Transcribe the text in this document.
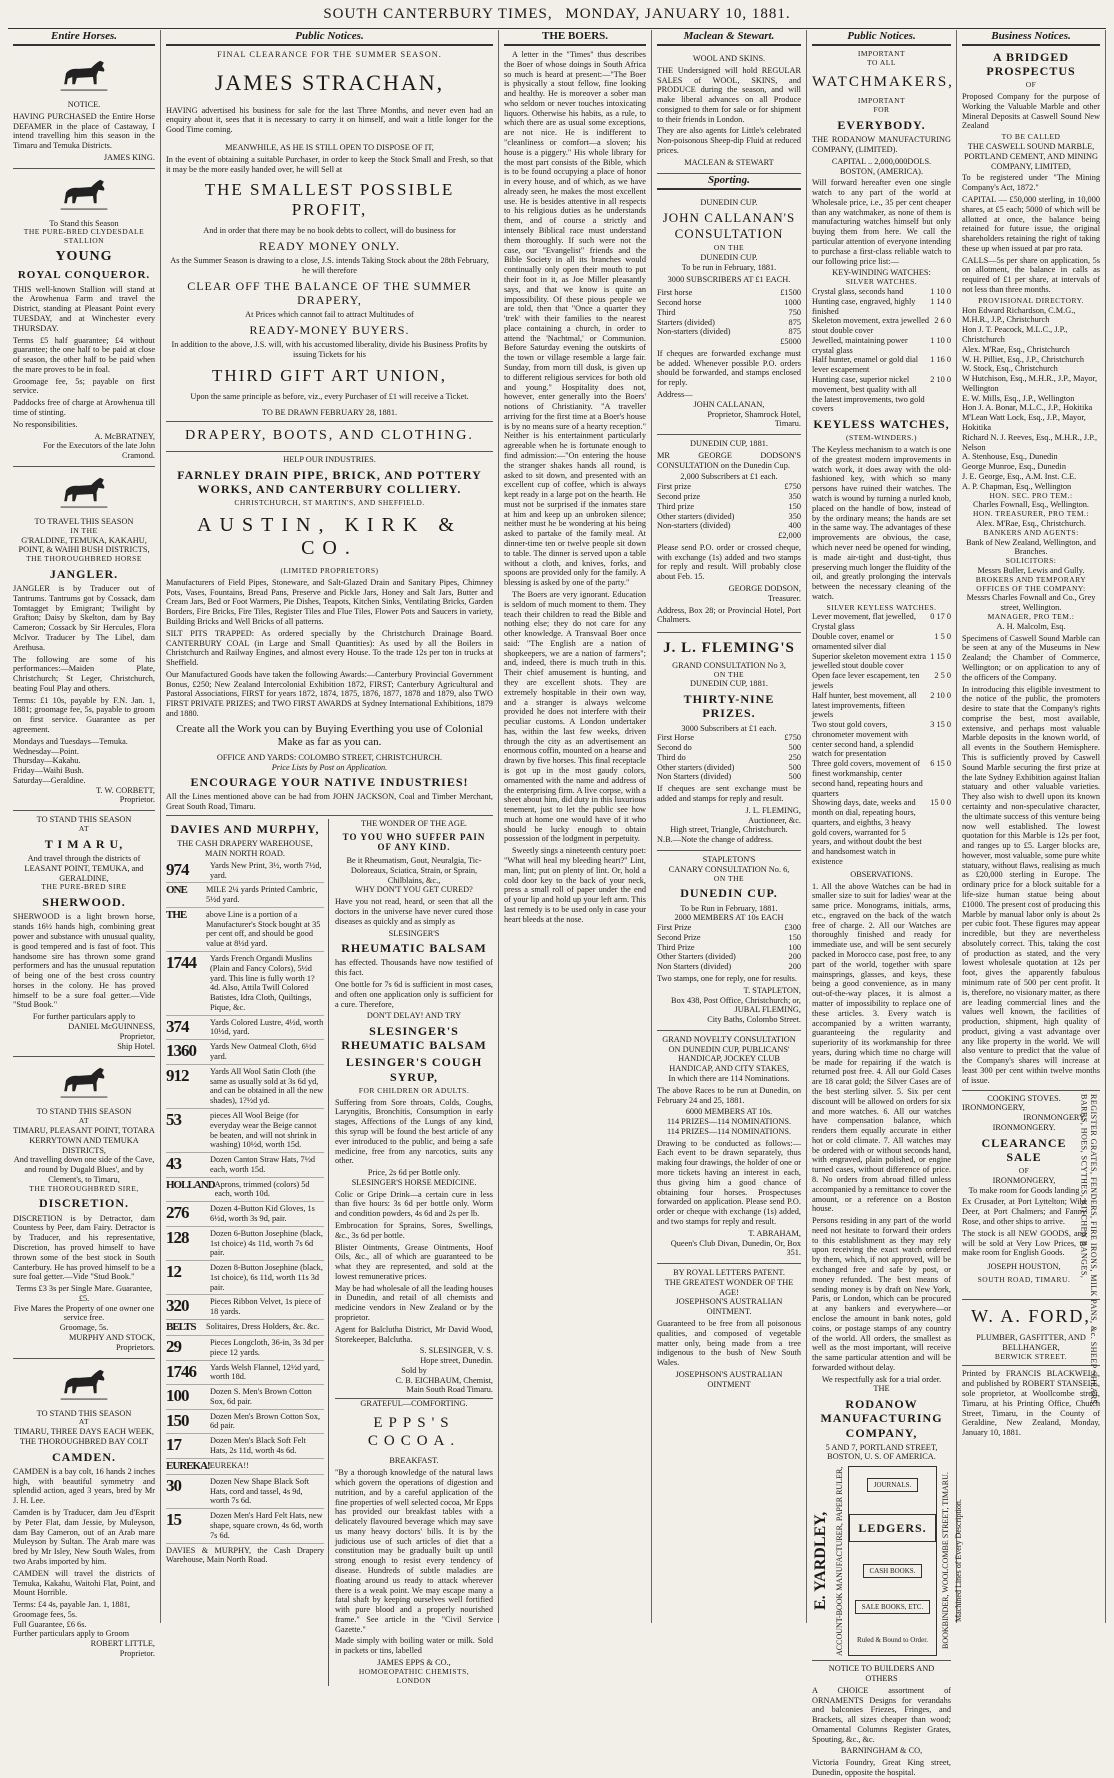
SOUTH CANTERBURY TIMES, MONDAY, JANUARY 10, 1881.
Entire Horses.
NOTICE.
HAVING PURCHASED the Entire Horse DEFAMER in the place of Castaway, I intend travelling him this season in the Timaru and Temuka Districts.
JAMES KING.
To Stand this Season
THE PURE-BRED CLYDESDALE STALLION
YOUNG
ROYAL CONQUEROR.
THIS well-known Stallion will stand at the Arowhenua Farm and travel the District, standing at Pleasant Point every TUESDAY, and at Winchester every THURSDAY.
Terms £5 half guarantee; £4 without guarantee; the one half to be paid at close of season, the other half to be paid when the mare proves to be in foal.
Groomage fee, 5s; payable on first service.
Paddocks free of charge at Arowhenua till time of stinting.
No responsibilities.
A. McBRATNEY,
For the Executors of the late John Cramond.
TO TRAVEL THIS SEASON
IN THE
G'RALDINE, TEMUKA, KAKAHU, POINT, & WAIHI BUSH DISTRICTS,
THE THOROUGHBRED HORSE
JANGLER.
JANGLER is by Traducer out of Tantrums. Tantrums got by Cossack, dam Tomtagget by Emigrant; Twilight by Grafton; Daisy by Skelton, dam by Bay Cameron; Cossack by Sir Hercules, Flora McIvor. Traducer by The Libel, dam Arethusa.
The following are some of his performances:—Maiden Plate, Christchurch; St Leger, Christchurch, beating Foul Play and others.
Terms: £1 10s, payable by F.N. Jan. 1, 1881; groomage fee, 5s, payable to groom on first service. Guarantee as per agreement.
Mondays and Tuesdays—Temuka.
Wednesday—Point.
Thursday—Kakahu.
Friday—Waihi Bush.
Saturday—Geraldine.
T. W. CORBETT,
Proprietor.
TO STAND THIS SEASON
AT
T I M A R U,
And travel through the districts of LEASANT POINT, TEMUKA, and GERALDINE,
THE PURE-BRED SIRE
SHERWOOD.
SHERWOOD is a light brown horse, stands 16½ hands high, combining great power and substance with unusual quality, is good tempered and is fast of foot. This handsome sire has thrown some grand performers and has the unusual reputation of being one of the best cross country horses in the colony. He has proved himself to be a sure foal getter.—Vide "Stud Book."
For further particulars apply to
DANIEL McGUINNESS,
Proprietor,
Ship Hotel.
TO STAND THIS SEASON
AT
TIMARU, PLEASANT POINT, TOTARA KERRYTOWN AND TEMUKA DISTRICTS,
And travelling down one side of the Cave, and round by Dugald Blues', and by Clement's, to Timaru,
THE THOROUGHBRED SIRE,
DISCRETION.
DISCRETION is by Detractor, dam Countess by Peer, dam Fairy. Detractor is by Traducer, and his representative, Discretion, has proved himself to have thrown some of the best stock in South Canterbury. He has proved himself to be a sure foal getter.—Vide "Stud Book."
Terms £3 3s per Single Mare. Guarantee, £5.
Five Mares the Property of one owner one service free.
Groomage, 5s.
MURPHY AND STOCK,
Proprietors.
TO STAND THIS SEASON
AT
TIMARU, THREE DAYS EACH WEEK, THE THOROUGHBRED BAY COLT
CAMDEN.
CAMDEN is a bay colt, 16 hands 2 inches high, with beautiful symmetry and splendid action, aged 3 years, bred by Mr J. H. Lee.
Camden is by Traducer, dam Jeu d'Esprit by Peter Flat, dam Jessie, by Muleyson, dam Bay Cameron, out of an Arab mare Muleyson by Sultan. The Arab mare was bred by Mr Isley, New South Wales, from two Arabs imported by him.
CAMDEN will travel the districts of Temuka, Kakahu, Waitohi Flat, Point, and Mount Horrible.
Terms: £4 4s, payable Jan. 1, 1881,
Groomage fees, 5s.
Full Guarantee, £6 6s.
Further particulars apply to Groom
ROBERT LITTLE,
Proprietor.
Public Notices.
FINAL CLEARANCE FOR THE SUMMER SEASON.
JAMES STRACHAN,
HAVING advertised his business for sale for the last Three Months, and never even had an enquiry about it, sees that it is necessary to carry it on himself, and wait a little longer for the Good Time coming.
MEANWHILE, AS HE IS STILL OPEN TO DISPOSE OF IT,
In the event of obtaining a suitable Purchaser, in order to keep the Stock Small and Fresh, so that it may be the more easily handed over, he will Sell at
THE SMALLEST POSSIBLE PROFIT,
And in order that there may be no book debts to collect, will do business for
READY MONEY ONLY.
As the Summer Season is drawing to a close, J.S. intends Taking Stock about the 28th February, he will therefore
CLEAR OFF THE BALANCE OF THE SUMMER DRAPERY,
At Prices which cannot fail to attract Multitudes of
READY-MONEY BUYERS.
In addition to the above, J.S. will, with his accustomed liberality, divide his Business Profits by issuing Tickets for his
THIRD GIFT ART UNION,
Upon the same principle as before, viz., every Purchaser of £1 will receive a Ticket.
TO BE DRAWN FEBRUARY 28, 1881.
DRAPERY, BOOTS, AND CLOTHING.
HELP OUR INDUSTRIES.
FARNLEY DRAIN PIPE, BRICK, AND POTTERY WORKS, AND CANTERBURY COLLIERY.
CHRISTCHURCH, ST MARTIN'S, AND SHEFFIELD.
AUSTIN, KIRK & CO.
(LIMITED PROPRIETORS)
Manufacturers of Field Pipes, Stoneware, and Salt-Glazed Drain and Sanitary Pipes, Chimney Pots, Vases, Fountains, Bread Pans, Preserve and Pickle Jars, Honey and Salt Jars, Butter and Cream Jars, Bed or Foot Warmers, Pie Dishes, Teapots, Kitchen Sinks, Ventilating Bricks, Garden Borders, Fire Bricks, Fire Tiles, Register Tiles and Flue Tiles, Flower Pots and Saucers in variety, Building Bricks and Well Bricks of all patterns.
SILT PITS TRAPPED: As ordered specially by the Christchurch Drainage Board. CANTERBURY COAL (in Large and Small Quantities): As used by all the Boilers in Christchurch and Railway Engines, and almost every House. To the trade 12s per ton in trucks at Sheffield.
Our Manufactured Goods have taken the following Awards:—Canterbury Provincial Government Bonus, £250; New Zealand Intercolonial Exhibition 1872, FIRST; Canterbury Agricultural and Pastoral Associations, FIRST for years 1872, 1874, 1875, 1876, 1877, 1878 and 1879, also TWO FIRST PRIVATE PRIZES; and TWO FIRST AWARDS at Sydney International Exhibitions, 1879 and 1880.
Create all the Work you can by Buying Everthing you use of Colonial Make as far as you can.
OFFICE AND YARDS: COLOMBO STREET, CHRISTCHURCH.
Price Lists by Post on Application.
ENCOURAGE YOUR NATIVE INDUSTRIES!
All the Lines mentioned above can be had from JOHN JACKSON, Coal and Timber Merchant, Great South Road, Timaru.
DAVIES AND MURPHY,
THE CASH DRAPERY WAREHOUSE,
MAIN NORTH ROAD.
974	Yards New Print, 3½, worth 7½d, yard.
ONE	MILE 2¼ yards Printed Cambric, 5½d yard.
THE	above Line is a portion of a Manufacturer's Stock bought at 35 per cent off, and should be good value at 8½d yard.
1744	Yards French Organdi Muslins (Plain and Fancy Colors), 5½d yard. This line is fully worth 1?4d. Also, Attila Twill Colored Batistes, Idra Cloth, Quiltings, Pique, &c.
374	Yards Colored Lustre, 4½d, worth 10½d, yard.
1360	Yards New Oatmeal Cloth, 6½d yard.
912	Yards All Wool Satin Cloth (the same as usually sold at 3s 6d yd, and can be obtained in all the new shades), 1?½d yd.
53	pieces All Wool Beige (for everyday wear the Beige cannot be beaten, and will not shrink in washing) 10½d, worth 15d.
43	Dozen Canton Straw Hats, 7½d each, worth 15d.
HOLLAND Aprons, trimmed (colors) 5d each, worth 10d.
276	Dozen 4-Button Kid Gloves, 1s 6½d, worth 3s 9d, pair.
128	Dozen 6-Button Josephine (black, 1st choice) 4s 11d, worth 7s 6d pair.
12	Dozen 8-Button Josephine (black, 1st choice), 6s 11d, worth 11s 3d pair.
320	Pieces Ribbon Velvet, 1s piece of 18 yards.
BELTS	Solitaires, Dress Holders, &c. &c.
29	Pieces Longcloth, 36-in, 3s 3d per piece 12 yards.
1746	Yards Welsh Flannel, 12½d yard, worth 18d.
100	Dozen S. Men's Brown Cotton Sox, 6d pair.
150	Dozen Men's Brown Cotton Sox, 6d pair.
17	Dozen Men's Black Soft Felt Hats, 2s 11d, worth 4s 6d.
EUREKA! EUREKA!!
30	Dozen New Shape Black Soft Hats, cord and tassel, 4s 9d, worth 7s 6d.
15	Dozen Men's Hard Felt Hats, new shape, square crown, 4s 6d, worth 7s 6d.
DAVIES & MURPHY, the Cash Drapery Warehouse, Main North Road.
THE WONDER OF THE AGE.
TO YOU WHO SUFFER PAIN OF ANY KIND.
Be it Rheumatism, Gout, Neuralgia, Tic-Doloreaux, Sciatica, Strain, or Sprain, Chilblains, &c.,
WHY DON'T YOU GET CURED?
Have you not read, heard, or seen that all the doctors in the universe have never cured those diseases as quickly and as simply as
SLESINGER'S
RHEUMATIC BALSAM
has effected. Thousands have now testified of this fact.
One bottle for 7s 6d is sufficient in most cases, and often one application only is sufficient for a cure. Therefore,
DON'T DELAY! AND TRY
SLESINGER'S RHEUMATIC BALSAM
LESINGER'S COUGH SYRUP,
FOR CHILDREN OR ADULTS.
Suffering from Sore throats, Colds, Coughs, Laryngitis, Bronchitis, Consumption in early stages, Affections of the Lungs of any kind, this syrup will be found the best article of any ever introduced to the public, and being a safe medicine, free from any narcotics, suits any other.
Price, 2s 6d per Bottle only.
SLESINGER'S HORSE MEDICINE.
Colic or Gripe Drink—a certain cure in less than five hours: 3s 6d per bottle only. Worm and condition powders, 4s 6d and 2s per lb.
Embrocation for Sprains, Sores, Swellings, &c., 3s 6d per bottle.
Blister Ointments, Grease Ointments, Hoof Oils, &c., all of which are guaranteed to be what they are represented, and sold at the lowest remunerative prices.
May be had wholesale of all the leading houses in Dunedin, and retail of all chemists and medicine vendors in New Zealand or by the proprietor.
Agent for Balclutha District, Mr David Wood, Storekeeper, Balclutha.
S. SLESINGER, V. S.
Hope street, Dunedin.
Sold by
C. B. EICHBAUM, Chemist,
Main South Road Timaru.
GRATEFUL—COMFORTING.
EPPS'S COCOA.
BREAKFAST.
"By a thorough knowledge of the natural laws which govern the operations of digestion and nutrition, and by a careful application of the fine properties of well selected cocoa, Mr Epps has provided our breakfast tables with a delicately flavoured beverage which may save us many heavy doctors' bills. It is by the judicious use of such articles of diet that a constitution may be gradually built up until strong enough to resist every tendency of disease. Hundreds of subtle maladies are floating around us ready to attack wherever there is a weak point. We may escape many a fatal shaft by keeping ourselves well fortified with pure blood and a properly nourished frame." See article in the "Civil Service Gazette."
Made simply with boiling water or milk. Sold in packets or tins, labelled
JAMES EPPS & CO.,
HOMOEOPATHIC CHEMISTS,
LONDON
THE BOERS.
A letter in the "Times" thus describes the Boer of whose doings in South Africa so much is heard at present:—"The Boer is physically a stout fellow, fine looking and healthy. He is moreover a sober man who seldom or never touches intoxicating liquors. Otherwise his habits, as a rule, to which there are as usual some exceptions, are not nice. He is indifferent to "cleanliness or comfort—a sloven; his house is a piggery." His whole library for the most part consists of the Bible, which is to be found occupying a place of honor in every house, and of which, as we have already seen, he makes the most excellent use. He is besides attentive in all respects to his religious duties as he understands them, and of course a strictly and intensely Biblical race must understand them thoroughly. If such were not the case, our "Evangelist" friends and the Bible Society in all its branches would continually only open their mouth to put their foot in it, as Joe Miller pleasantly says, and that we know is quite an impossibility. Of these pious people we are told, then that "Once a quarter they 'trek' with their families to the nearest place containing a church, in order to attend the 'Nachtmal,' or Communion. Before Saturday evening the outskirts of the town or village resemble a large fair. Sunday, from morn till dusk, is given up to different religious services for both old and young." Hospitality does not, however, enter generally into the Boers' notions of Christianity. "A traveller arriving for the first time at a Boer's house is by no means sure of a hearty reception." Neither is his entertainment particularly agreeable when he is fortunate enough to find admission:—"On entering the house the stranger shakes hands all round, is asked to sit down, and presented with an excellent cup of coffee, which is always kept ready in a large pot on the hearth. He must not be surprised if the inmates stare at him and keep up an unbroken silence; neither must he be wondering at his being asked to partake of the family meal. At dinner-time ten or twelve people sit down to table. The dinner is served upon a table without a cloth, and knives, forks, and spoons are provided only for the family. A blessing is asked by one of the party."
The Boers are very ignorant. Education is seldom of much moment to them. They teach their children to read the Bible and nothing else; they do not care for any other knowledge. A Transvaal Boer once said: "The English are a nation of shopkeepers, we are a nation of farmers"; and, indeed, there is much truth in this. Their chief amusement is hunting, and they are excellent shots. They are extremely hospitable in their own way, and a stranger is always welcome provided he does not interfere with their peculiar customs. A London undertaker has, within the last few weeks, driven through the city as an advertisement an enormous coffin, mounted on a hearse and drawn by five horses. This final receptacle is got up in the most gaudy colors, ornamented with the name and address of the enterprising firm. A live corpse, with a sheet about him, did duty in this luxurious tenement, just to let the public see how much at home one would have of it who should be lucky enough to obtain possession of the lodgment in perpetuity.
Sweetly sings a nineteenth century poet: "What will heal my bleeding heart?" Lint, man, lint; put on plenty of lint. Or, hold a cold door key to the back of your neck, press a small roll of paper under the end of your lip and hold up your left arm. This last remedy is to be used only in case your heart bleeds at the nose.
Maclean & Stewart.
WOOL AND SKINS.
THE Undersigned will hold REGULAR SALES of WOOL, SKINS, and PRODUCE during the season, and will make liberal advances on all Produce consigned to them for sale or for shipment to their friends in London.
They are also agents for Little's celebrated Non-poisonous Sheep-dip Fluid at reduced prices.
MACLEAN & STEWART
Sporting.
DUNEDIN CUP.
JOHN CALLANAN'S CONSULTATION
ON THE
DUNEDIN CUP.
To be run in February, 1881.
3000 SUBSCRIBERS AT £1 EACH.
First horse	£1500
Second horse	1000
Third	750
Starters (divided)	875
Non-starters (divided)	875
£5000
If cheques are forwarded exchange must be added. Whenever possible P.O. orders should be forwarded, and stamps enclosed for reply.
Address—
JOHN CALLANAN,
Proprietor, Shamrock Hotel,
Timaru.
DUNEDIN CUP, 1881.
MR GEORGE DODSON'S CONSULTATION on the Dunedin Cup.
2,000 Subscribers at £1 each.
First prize	£750
Second prize	350
Third prize	150
Other starters (divided)	350
Non-starters (divided)	400
£2,000
Please send P.O. order or crossed cheque, with exchange (1s) added and two stamps for reply and result. Will probably close about Feb. 15.
GEORGE DODSON,
Treasurer.
Address, Box 28; or Provincial Hotel, Port Chalmers.
J. L. FLEMING'S
GRAND CONSULTATION No 3,
ON THE
DUNEDIN CUP, 1881.
THIRTY-NINE PRIZES.
3000 Subscribers at £1 each.
First Horse	£750
Second do	500
Third do	250
Other starters (divided)	500
Non Starters (divided)	500
If cheques are sent exchange must be added and stamps for reply and result.
J. L. FLEMING,
Auctioneer, &c.
High street, Triangle, Christchurch.
N.B.—Note the change of address.
STAPLETON'S
CANARY CONSULTATION No. 6,
ON THE
DUNEDIN CUP.
To be Run in February, 1881.
2000 MEMBERS AT 10s EACH
First Prize	£300
Second Prize	150
Third Prize	100
Other Starters (divided)	200
Non Starters (divided)	200
Two stamps, one for reply, one for results.
T. STAPLETON,
Box 438, Post Office, Christchurch; or,
JUBAL FLEMING,
City Baths, Colombo Street.
GRAND NOVELTY CONSULTATION
ON DUNEDIN CUP, PUBLICANS' HANDICAP, JOCKEY CLUB HANDICAP, AND CITY STAKES,
In which there are 114 Nominations.
The above Races to be run at Dunedin, on February 24 and 25, 1881.
6000 MEMBERS AT 10s.
114 PRIZES—114 NOMINATIONS.
114 PRIZES—114 NOMINATIONS.
Drawing to be conducted as follows:—Each event to be drawn separately, thus making four drawings, the holder of one or more tickets having an interest in each, thus giving him a good chance of obtaining four horses. Prospectuses forwarded on application. Please send P.O. order or cheque with exchange (1s) added, and two stamps for reply and result.
T. ABRAHAM,
Queen's Club Divan, Dunedin, Or, Box 351.
BY ROYAL LETTERS PATENT.
THE GREATEST WONDER OF THE AGE!
JOSEPHSON'S AUSTRALIAN OINTMENT.
Guaranteed to be free from all poisonous qualities, and composed of vegetable matter only, being made from a tree indigenous to the bush of New South Wales.
JOSEPHSON'S AUSTRALIAN OINTMENT
Public Notices.
IMPORTANT
TO ALL
WATCHMAKERS,
IMPORTANT
FOR
EVERYBODY.
THE RODANOW MANUFACTURING COMPANY, (LIMITED).
CAPITAL .. 2,000,000DOLS.
BOSTON, (AMERICA).
Will forward hereafter even one single watch to any part of the world at Wholesale price, i.e., 35 per cent cheaper than any watchmaker, as none of them is manufacturing watches himself but only buying them from here. We call the particular attention of everyone intending to purchase a first-class reliable watch to our following price list:—
KEY-WINDING WATCHES:
SILVER WATCHES.
Crystal glass, seconds hand	1 10 0
Hunting case, engraved, highly finished
1 14 0
Skeleton movement, extra jewelled stout double cover
2 6 0
Jewelled, maintaining power crystal glass
1 10 0
Half hunter, enamel or gold dial lever escapement
1 16 0
Hunting case, superior nickel movement, best quality with all the latest improvements, two gold covers
2 10 0
KEYLESS WATCHES,
(STEM-WINDERS.)
The Keyless mechanism to a watch is one of the greatest modern improvements in watch work, it does away with the old-fashioned key, with which so many persons have ruined their watches. The watch is wound by turning a nurled knob, placed on the handle of bow, instead of by the ordinary means; the hands are set in the same way. The advantages of these improvements are obvious, the case, which never need be opened for winding, is made air-tight and dust-tight, thus preserving much longer the fluidity of the oil, and greatly prolonging the intervals between the necessary cleaning of the watch.
SILVER KEYLESS WATCHES.
Lever movement, flat jewelled, Crystal glass
0 17 0
Double cover, enamel or ornamented silver dial
1 5 0
Superior skeleton movement extra jewelled stout double cover
1 15 0
Open face lever escapement, ten jewels
2 5 0
Half hunter, best movement, all latest improvements, fifteen jewels
2 10 0
Two stout gold covers, chronometer movement with center second hand, a splendid watch for presentation
3 15 0
Three gold covers, movement of finest workmanship, center second hand, repeating hours and quarters
6 15 0
Showing days, date, weeks and month on dial, repeating hours, quarters, and eighths, 3 heavy gold covers, warranted for 5 years, and without doubt the best and handsomest watch in existence
15 0 0
OBSERVATIONS.
1. All the above Watches can be had in smaller size to suit for ladies' wear at the same price. Monograms, initials, arms, etc., engraved on the back of the watch free of charge. 2. All our Watches are thoroughly finished and ready for immediate use, and will be sent securely packed in Morocco case, post free, to any part of the world, together with spare mainsprings, glasses, and keys, these being a good convenience, as in many out-of-the-way places, it is almost a matter of impossibility to replace one of these articles. 3. Every watch is accompanied by a written warranty, guaranteeing the regularity and superiority of its workmanship for three years, during which time no charge will be made for repairing if the watch is returned post free. 4. All our Gold Cases are 18 carat gold; the Silver Cases are of the best sterling silver. 5. Six per cent discount will be allowed on orders for six and more watches. 6. All our watches have compensation balance, which renders them equally accurate in either hot or cold climate. 7. All watches may be ordered with or without seconds hand, with engraved, plain polished, or engine turned cases, without difference of price. 8. No orders from abroad filled unless accompanied by a remittance to cover the amount, or a reference on a Boston house.
Persons residing in any part of the world need not hesitate to forward their orders to this establishment as they may rely upon receiving the exact watch ordered by them, which, if not approved, will be exchanged free and safe by post, or money refunded. The best means of sending money is by draft on New York, Paris, or London, which can be procured at any bankers and everywhere—or enclose the amount in bank notes, gold coins, or postage stamps of any country of the world. All orders, the smallest as well as the most important, will receive the same particular attention and will be forwarded without delay.
We respectfully ask for a trial order.
THE
RODANOW MANUFACTURING COMPANY,
5 AND 7, PORTLAND STREET, BOSTON, U. S. OF AMERICA.
E. YARDLEY, ACCOUNT-BOOK MANUFACTURER, PAPER RULER,	JOURNALS.
LEDGERS.
CASH BOOKS.
SALE BOOKS, ETC.
Ruled & Bound to Order. BOOKBINDER, WOOLCOMBE STREET, TIMARU. Machined Lines of Every Description.
NOTICE TO BUILDERS AND OTHERS
A CHOICE assortment of ORNAMENTS Designs for verandahs and balconies Friezes, Fringes, and Brackets, all sizes cheaper than wood; Ornamental Columns Register Grates, Spouting, &c., &c.
BARNINGHAM & CO,
Victoria Foundry, Great King street, Dunedin, opposite the hospital.
Business Notices.
A BRIDGED PROSPECTUS
OF
Proposed Company for the purpose of Working the Valuable Marble and other Mineral Deposits at Caswell Sound New Zealand
TO BE CALLED
THE CASWELL SOUND MARBLE, PORTLAND CEMENT, AND MINING COMPANY, LIMITED,
To be registered under "The Mining Company's Act, 1872."
CAPITAL — £50,000 sterling, in 10,000 shares, at £5 each; 5000 of which will be allotted at once, the balance being retained for future issue, the original shareholders retaining the right of taking these up when issued at par pro rata.
CALLS—5s per share on application, 5s on allotment, the balance in calls as required of £1 per share, at intervals of not less than three months.
PROVISIONAL DIRECTORY.
Hon Edward Richardson, C.M.G., M.H.R., J.P., Christchurch
Hon J. T. Peacock, M.L.C., J.P., Christchurch
Alex. M'Rae, Esq., Christchurch
W. H. Pilliet, Esq., J.P., Christchurch
W. Stock, Esq., Christchurch
W Hutchison, Esq., M.H.R., J.P., Mayor, Wellington
E. W. Mills, Esq., J.P., Wellington
Hon J. A. Bonar, M.L.C., J.P., Hokitika
M'Lean Watt Lock, Esq., J.P., Mayor, Hokitika
Richard N. J. Reeves, Esq., M.H.R., J.P., Nelson
A. Stenhouse, Esq., Dunedin
George Munroe, Esq., Dunedin
J. E. George, Esq., A.M. Inst. C.E.
A. P. Chapman, Esq., Wellington
HON. SEC. PRO TEM.:
Charles Fownall, Esq., Wellington.
HON. TREASURER, PRO TEM.:
Alex. M'Rae, Esq., Christchurch.
BANKERS AND AGENTS:
Bank of New Zealand, Wellington, and Branches.
SOLICITORS:
Messrs Buller, Lewis and Gully.
BROKERS AND TEMPORARY OFFICES OF THE COMPANY:
Messrs Charles Fownall and Co., Grey street, Wellington.
MANAGER, PRO TEM.:
A. H. Malcolm, Esq.
Specimens of Caswell Sound Marble can be seen at any of the Museums in New Zealand; the Chamber of Commerce, Wellington; or on application to any of the officers of the Company.
In introducing this eligible investment to the notice of the public, the promoters desire to state that the Company's rights comprise the best, most available, extensive, and perhaps most valuable Marble deposits in the known world, of all events in the Southern Hemisphere. This is sufficiently proved by Caswell Sound Marble securing the first prize at the late Sydney Exhibition against Italian statuary and other valuable varieties. They also wish to dwell upon its known certainty and non-speculative character, the ultimate success of this venture being now well established. The lowest quotation for this Marble is 12s per foot, and ranges up to £5. Larger blocks are, however, most valuable, some pure white statuary, without flaws, realising as much as £20,000 sterling in Europe. The ordinary price for a block suitable for a life-size human statue being about £1000. The present cost of producing this Marble by manual labor only is about 2s per cubic foot. These figures may appear incredible, but they are nevertheless absolutely correct. This, taking the cost of production as stated, and the very lowest wholesale quotation at 12s per foot, gives the apparently fabulous minimum rate of 500 per cent profit. It is, therefore, no visionary matter, as there are leading commercial lines and the values well known, the facilities of production, shipment, high quality of product, giving a vast advantage over any like property in the world. We will also venture to predict that the value of the Company's shares will increase at least 300 per cent within twelve months of issue.
COOKING STOVES.
IRONMONGERY,
IRONMONGERY,
IRONMONGERY.
CLEARANCE SALE
OF
IRONMONGERY,
To make room for Goods landing
Ex Crusader, at Port Lyttelton; Wild Deer, at Port Chalmers; and Fanny Rose, and other ships to arrive.
The stock is all NEW GOODS, and will be sold at Very Low Prices, to make room for English Goods.
JOSEPH HOUSTON,
SOUTH ROAD, TIMARU.	REGISTER GRATES, FENDERS, FIRE IRONS, MILK PANS, &c. SHEEP SHEARS, BARBS, HOES, SCYTHES, KITCHEN RANGES,
W. A. FORD,
PLUMBER, GASFITTER, AND
BELLHANGER,
BERWICK STREET.
Printed by FRANCIS BLACKWELL, and published by ROBERT STANSELL, sole proprietor, at Woollcombe street, Timaru, at his Printing Office, Church Street, Timaru, in the County of Geraldine, New Zealand, Monday, January 10, 1881.
